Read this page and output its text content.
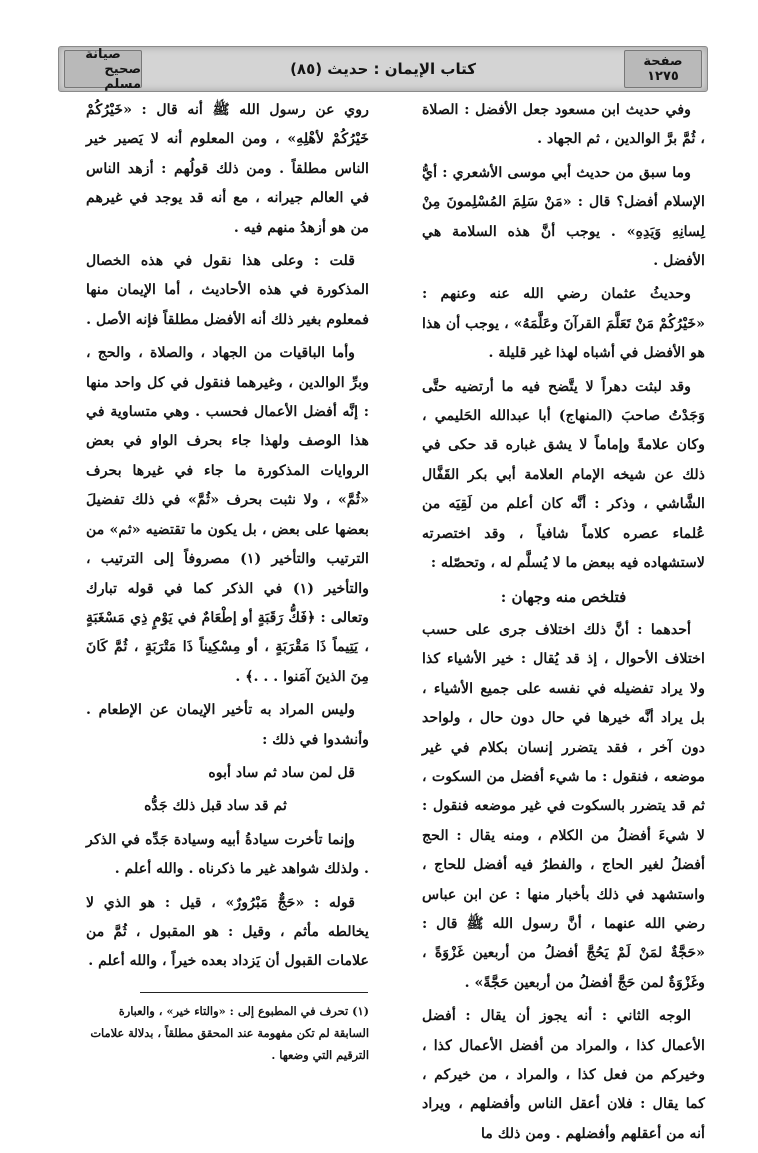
صفحة
١٢٧٥
كتاب الإيمان : حديث (٨٥)
صيانة
صحيح مسلم

وفي حديث ابن مسعود جعل الأفضل : الصلاة ، ثُمَّ برَّ الوالدين ، ثم الجهاد .

وما سبق من حديث أبي موسى الأشعري : أيُّ الإسلام أفضل؟ قال : «مَنْ سَلِمَ المُسْلِمونَ مِنْ لِسانِهِ وَيَدِهِ» . يوجب أنَّ هذه السلامة هي الأفضل .

وحديثُ عثمان رضي الله عنه وعنهم : «خَيْرُكُمْ مَنْ تَعَلَّمَ القرآنَ وعَلَّمَهُ» ، يوجب أن هذا هو الأفضل في أشباه لهذا غير قليلة .

وقد لبثت دهراً لا يتَّضح فيه ما أرتضيه حتَّى وَجَدْتُ صاحبَ (المنهاج) أبا عبدالله الحَليمي ، وكان علامةً وإماماً لا يشق غباره قد حكى في ذلك عن شيخه الإمام العلامة أبي بكر القَفَّال الشَّاشي ، وذكر : أنَّه كان أعلم من لَقِيَه من عُلماء عصره كلاماً شافياً ، وقد اختصرته لاستشهاده فيه ببعض ما لا يُسلَّم له ، وتحصّله :

فتلخص منه وجهان :

أحدهما : أنَّ ذلك اختلاف جرى على حسب اختلاف الأحوال ، إذ قد يُقال : خير الأشياء كذا ولا يراد تفضيله في نفسه على جميع الأشياء ، بل يراد أنَّه خيرها في حال دون حال ، ولواحد دون آخر ، فقد يتضرر إنسان بكلام في غير موضعه ، فنقول : ما شيء أفضل من السكوت ، ثم قد يتضرر بالسكوت في غير موضعه فنقول : لا شيءَ أفضلُ من الكلام ، ومنه يقال : الحج أفضلُ لغير الحاج ، والفطرُ فيه أفضل للحاج ، واستشهد في ذلك بأخبار منها : عن ابن عباس رضي الله عنهما ، أنَّ رسول الله ﷺ قال : «حَجَّةٌ لمَنْ لَمْ يَحُجَّ أفضلُ من أربعين غَزْوَةً ، وغَزْوَةٌ لمن حَجَّ أفضلُ من أربعين حَجَّةً» .

الوجه الثاني : أنه يجوز أن يقال : أفضل الأعمال كذا ، والمراد من أفضل الأعمال كذا ، وخيركم من فعل كذا ، والمراد ، من خيركم ، كما يقال : فلان أعقل الناس وأفضلهم ، ويراد أنه من أعقلهم وأفضلهم . ومن ذلك ما

روي عن رسول الله ﷺ أنه قال : «خَيْرُكُمْ خَيْرُكُمْ لأهْلِهِ» ، ومن المعلوم أنه لا يَصير خير الناس مطلقاً . ومن ذلك قولُهم : أزهد الناس في العالم جيرانه ، مع أنه قد يوجد في غيرهم من هو أزهدُ منهم فيه .

قلت : وعلى هذا نقول في هذه الخصال المذكورة في هذه الأحاديث ، أما الإيمان منها فمعلوم بغير ذلك أنه الأفضل مطلقاً فإنه الأصل .

وأما الباقيات من الجهاد ، والصلاة ، والحج ، وبرِّ الوالدين ، وغيرهما فنقول في كل واحد منها : إنَّه أفضل الأعمال فحسب . وهي متساوية في هذا الوصف ولهذا جاء بحرف الواو في بعض الروايات المذكورة ما جاء في غيرها بحرف «ثُمَّ» ، ولا نثبت بحرف «ثُمَّ» في ذلك تفضيلَ بعضها على بعض ، بل يكون ما تقتضيه «ثم» من الترتيب والتأخير (١) مصروفاً إلى الترتيب ، والتأخير (١) في الذكر كما في قوله تبارك وتعالى : ﴿فَكُّ رَقَبَةٍ أو إطْعَامٌ في يَوْمٍ ذِي مَسْغَبَةٍ ، يَتِيماً ذَا مَقْرَبَةٍ ، أو مِسْكِيناً ذَا مَتْرَبَةٍ ، ثُمَّ كَانَ مِنَ الذينَ آمَنوا . . .﴾ .

وليس المراد به تأخير الإيمان عن الإطعام . وأنشدوا في ذلك :

قل لمن ساد ثم ساد أبوه

ثم قد ساد قبل ذلك جَدُّه

وإنما تأخرت سيادةُ أبيه وسيادة جَدِّه في الذكر . ولذلك شواهد غير ما ذكرناه . والله أعلم .

قوله : «حَجٌّ مَبْرُورٌ» ، قيل : هو الذي لا يخالطه مأثم ، وقيل : هو المقبول ، ثُمَّ من علامات القبول أن يَزداد بعده خيراً ، والله أعلم .

(١) تحرف في المطبوع إلى : «والتاء خير» ، والعبارة السابقة لم تكن مفهومة عند المحقق مطلقاً ، بدلالة علامات الترقيم التي وضعها .
